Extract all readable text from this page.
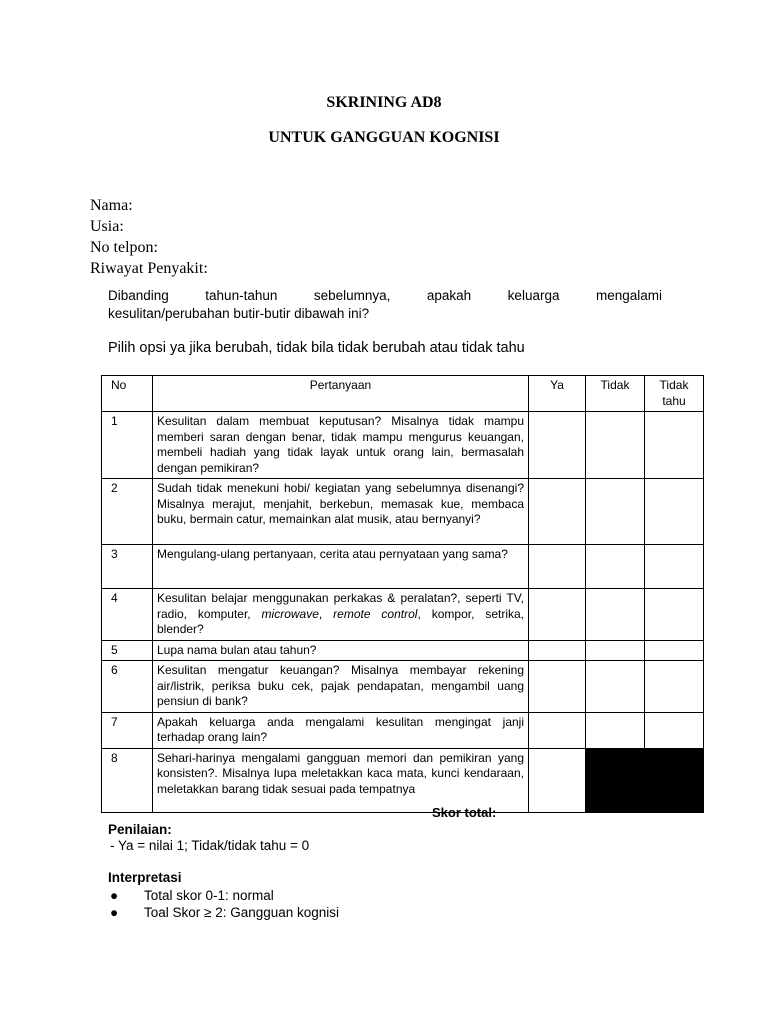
SKRINING AD8
UNTUK GANGGUAN KOGNISI
Nama:
Usia:
No telpon:
Riwayat Penyakit:
Dibanding tahun-tahun sebelumnya, apakah keluarga mengalami
kesulitan/perubahan butir-butir dibawah ini?
Pilih opsi ya jika berubah, tidak bila tidak berubah atau tidak tahu
No	Pertanyaan	Ya	Tidak	Tidak tahu
1	Kesulitan dalam membuat keputusan? Misalnya tidak mampu memberi saran dengan benar, tidak mampu mengurus keuangan, membeli hadiah yang tidak layak untuk orang lain, bermasalah dengan pemikiran?			
2	Sudah tidak menekuni hobi/ kegiatan yang sebelumnya disenangi? Misalnya merajut, menjahit, berkebun, memasak kue, membaca buku, bermain catur, memainkan alat musik, atau bernyanyi?			
3	Mengulang-ulang pertanyaan, cerita atau pernyataan yang sama?			
4	Kesulitan belajar menggunakan perkakas & peralatan?, seperti TV, radio, komputer, microwave, remote control, kompor, setrika, blender?			
5	Lupa nama bulan atau tahun?			
6	Kesulitan mengatur keuangan? Misalnya membayar rekening air/listrik, periksa buku cek, pajak pendapatan, mengambil uang pensiun di bank?			
7	Apakah keluarga anda mengalami kesulitan mengingat janji terhadap orang lain?			
8	Sehari-harinya mengalami gangguan memori dan pemikiran yang konsisten?. Misalnya lupa meletakkan kaca mata, kunci kendaraan, meletakkan barang tidak sesuai pada tempatnya			
Skor total:
Penilaian:
- Ya = nilai 1; Tidak/tidak tahu = 0
Interpretasi
● Total skor 0-1: normal
● Toal Skor ≥ 2: Gangguan kognisi
